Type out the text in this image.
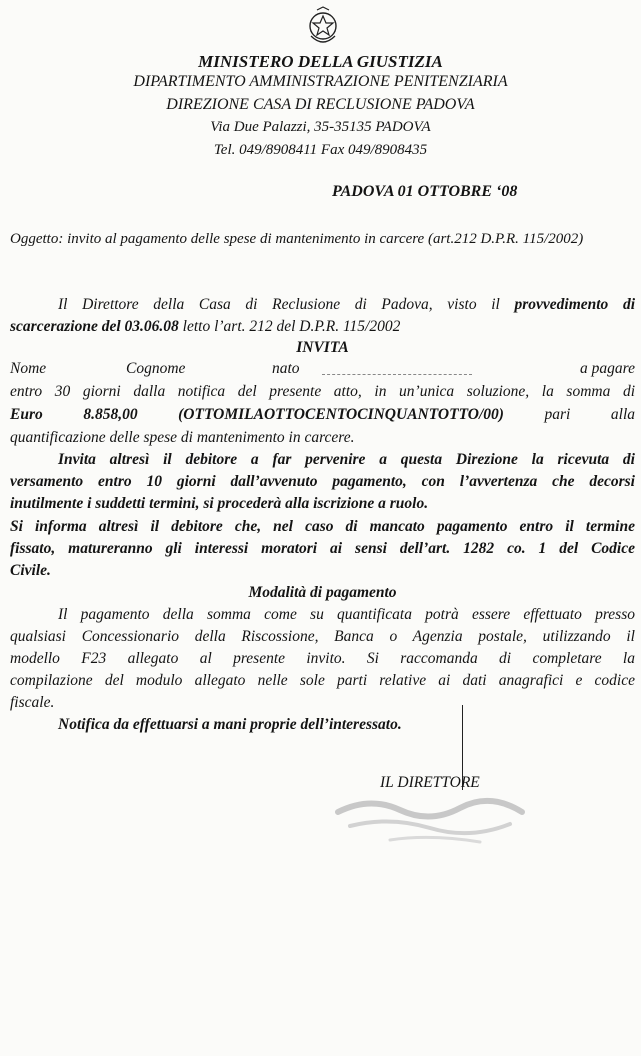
MINISTERO DELLA GIUSTIZIA
DIPARTIMENTO AMMINISTRAZIONE PENITENZIARIA
DIREZIONE CASA DI RECLUSIONE PADOVA
Via Due Palazzi, 35-35135 PADOVA
Tel. 049/8908411 Fax 049/8908435
PADOVA 01 OTTOBRE ‘08
Oggetto: invito al pagamento delle spese di mantenimento in carcere (art.212 D.P.R. 115/2002)
Il Direttore della Casa di Reclusione di Padova, visto il provvedimento di
scarcerazione del 03.06.08 letto l’art. 212 del D.P.R. 115/2002
INVITA
Nome	Cognome	nato	a pagare
entro 30 giorni dalla notifica del presente atto, in un’unica soluzione, la somma di
Euro	8.858,00	(OTTOMILAOTTOCENTOCINQUANTOTTO/00)	pari alla
quantificazione delle spese di mantenimento in carcere.
Invita altresì il debitore a far pervenire a questa Direzione la ricevuta di
versamento entro 10 giorni dall’avvenuto pagamento, con l’avvertenza che decorsi
inutilmente i suddetti termini, si procederà alla iscrizione a ruolo.
Si informa altresì il debitore che, nel caso di mancato pagamento entro il termine
fissato, matureranno gli interessi moratori ai sensi dell’art. 1282 co. 1 del Codice
Civile.
Modalità di pagamento
Il pagamento della somma come su quantificata potrà essere effettuato presso
qualsiasi Concessionario della Riscossione, Banca o Agenzia postale, utilizzando il
modello F23 allegato al presente invito. Si raccomanda di completare la
compilazione del modulo allegato nelle sole parti relative ai dati anagrafici e codice
fiscale.
Notifica da effettuarsi a mani proprie dell’interessato.
IL DIRETTORE
